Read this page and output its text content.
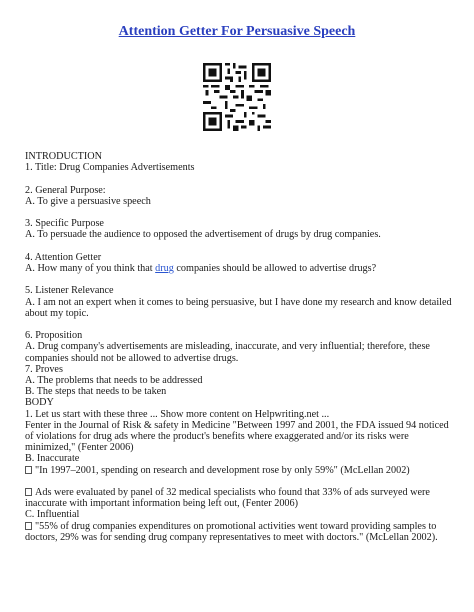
Attention Getter For Persuasive Speech
INTRODUCTION
1. Title: Drug Companies Advertisements
2. General Purpose:
A. To give a persuasive speech
3. Specific Purpose
A. To persuade the audience to opposed the advertisement of drugs by drug companies.
4. Attention Getter
A. How many of you think that drug companies should be allowed to advertise drugs?
5. Listener Relevance
A. I am not an expert when it comes to being persuasive, but I have done my research and know detailed about my topic.
6. Proposition
A. Drug company's advertisements are misleading, inaccurate, and very influential; therefore, these companies should not be allowed to advertise drugs.
7. Proves
A. The problems that needs to be addressed
B. The steps that needs to be taken
BODY
1. Let us start with these three ... Show more content on Helpwriting.net ...
Fenter in the Journal of Risk & safety in Medicine "Between 1997 and 2001, the FDA issued 94 noticed of violations for drug ads where the product's benefits where exaggerated and/or its risks were minimized," (Fenter 2006)
B. Inaccurate
"In 1997–2001, spending on research and development rose by only 59%" (McLellan 2002)
Ads were evaluated by panel of 32 medical specialists who found that 33% of ads surveyed were inaccurate with important information being left out, (Fenter 2006)
C. Influential
"55% of drug companies expenditures on promotional activities went toward providing samples to doctors, 29% was for sending drug company representatives to meet with doctors." (McLellan 2002).
